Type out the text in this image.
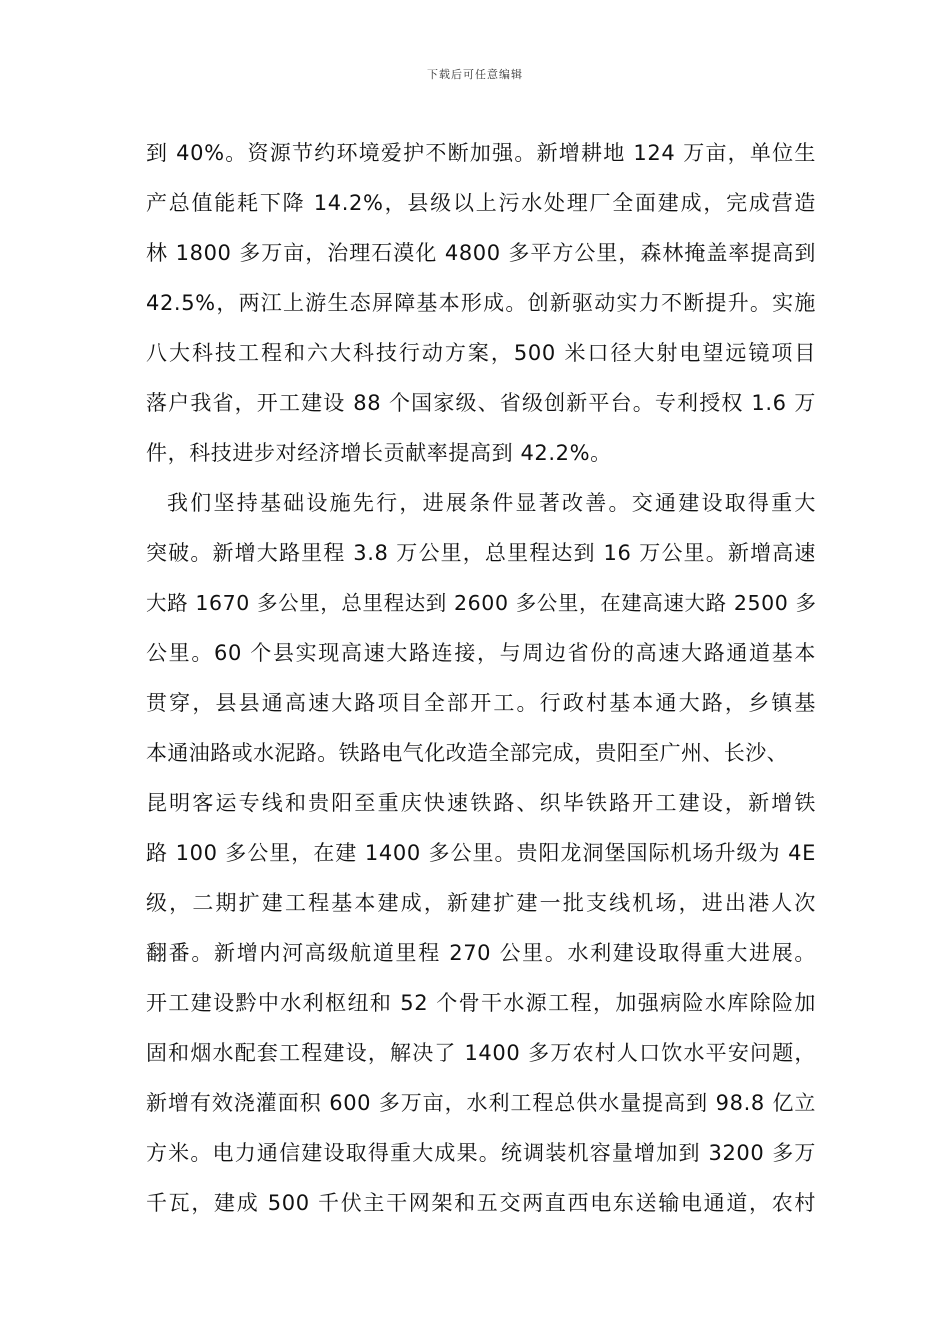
下载后可任意编辑
到 40%。资源节约环境爱护不断加强。新增耕地 124 万亩，单位生
产总值能耗下降 14.2%，县级以上污水处理厂全面建成，完成营造
林 1800 多万亩，治理石漠化 4800 多平方公里，森林掩盖率提高到
42.5%，两江上游生态屏障基本形成。创新驱动实力不断提升。实施
八大科技工程和六大科技行动方案，500 米口径大射电望远镜项目
落户我省，开工建设 88 个国家级、省级创新平台。专利授权 1.6 万
件，科技进步对经济增长贡献率提高到 42.2%。
我们坚持基础设施先行，进展条件显著改善。交通建设取得重大
突破。新增大路里程 3.8 万公里，总里程达到 16 万公里。新增高速
大路 1670 多公里，总里程达到 2600 多公里，在建高速大路 2500 多
公里。60 个县实现高速大路连接，与周边省份的高速大路通道基本
贯穿，县县通高速大路项目全部开工。行政村基本通大路，乡镇基
本通油路或水泥路。铁路电气化改造全部完成，贵阳至广州、长沙、
昆明客运专线和贵阳至重庆快速铁路、织毕铁路开工建设，新增铁
路 100 多公里，在建 1400 多公里。贵阳龙洞堡国际机场升级为 4E
级，二期扩建工程基本建成，新建扩建一批支线机场，进出港人次
翻番。新增内河高级航道里程 270 公里。水利建设取得重大进展。
开工建设黔中水利枢纽和 52 个骨干水源工程，加强病险水库除险加
固和烟水配套工程建设，解决了 1400 多万农村人口饮水平安问题，
新增有效浇灌面积 600 多万亩，水利工程总供水量提高到 98.8 亿立
方米。电力通信建设取得重大成果。统调装机容量增加到 3200 多万
千瓦，建成 500 千伏主干网架和五交两直西电东送输电通道，农村
